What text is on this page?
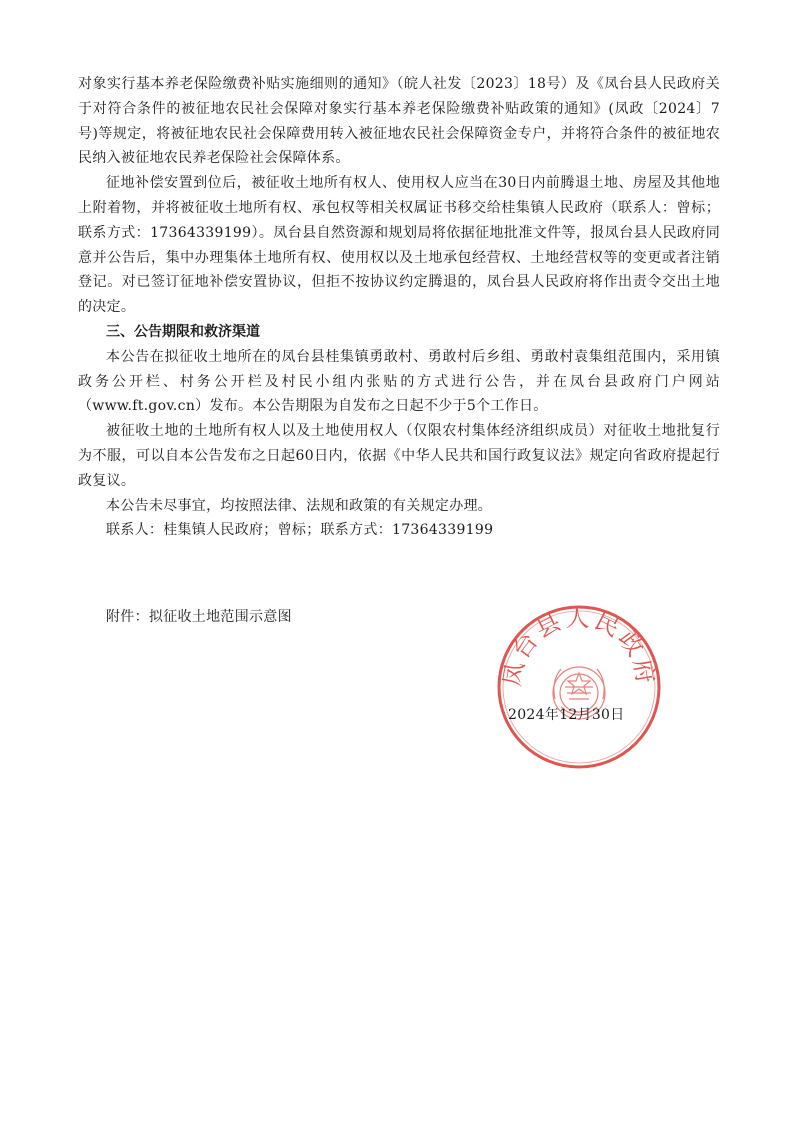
对象实行基本养老保险缴费补贴实施细则的通知》（皖人社发〔2023〕18号）及《凤台县人民政府关于对符合条件的被征地农民社会保障对象实行基本养老保险缴费补贴政策的通知》(凤政〔2024〕7号)等规定，将被征地农民社会保障费用转入被征地农民社会保障资金专户，并将符合条件的被征地农民纳入被征地农民养老保险社会保障体系。

征地补偿安置到位后，被征收土地所有权人、使用权人应当在30日内前腾退土地、房屋及其他地上附着物，并将被征收土地所有权、承包权等相关权属证书移交给桂集镇人民政府（联系人：曾标；联系方式：17364339199）。凤台县自然资源和规划局将依据征地批准文件等，报凤台县人民政府同意并公告后，集中办理集体土地所有权、使用权以及土地承包经营权、土地经营权等的变更或者注销登记。对已签订征地补偿安置协议，但拒不按协议约定腾退的，凤台县人民政府将作出责令交出土地的决定。

三、公告期限和救济渠道

本公告在拟征收土地所在的凤台县桂集镇勇敢村、勇敢村后乡组、勇敢村袁集组范围内，采用镇政务公开栏、村务公开栏及村民小组内张贴的方式进行公告，并在凤台县政府门户网站（www.ft.gov.cn）发布。本公告期限为自发布之日起不少于5个工作日。

被征收土地的土地所有权人以及土地使用权人（仅限农村集体经济组织成员）对征收土地批复行为不服，可以自本公告发布之日起60日内，依据《中华人民共和国行政复议法》规定向省政府提起行政复议。

本公告未尽事宜，均按照法律、法规和政策的有关规定办理。

联系人：桂集镇人民政府；曾标；联系方式：17364339199

附件：拟征收土地范围示意图
凤台县人民政府
2024年12月30日
